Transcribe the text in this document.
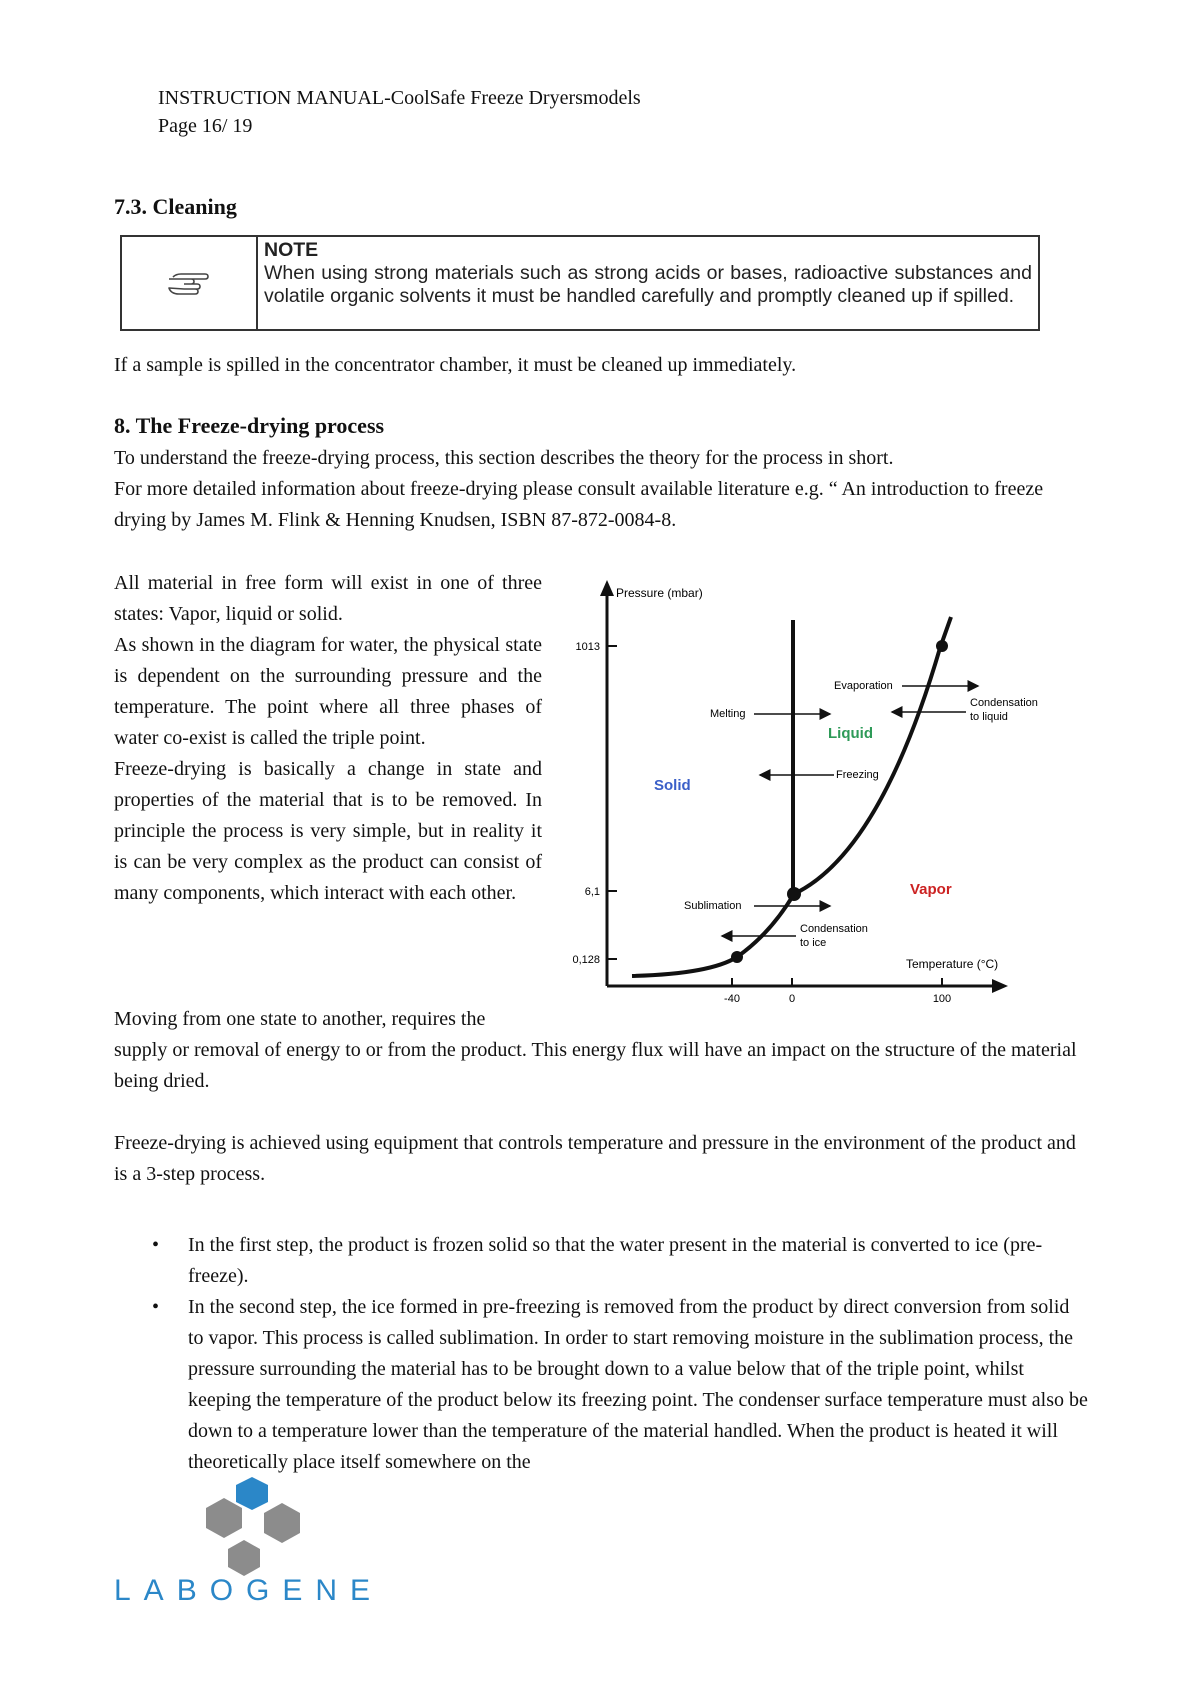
INSTRUCTION MANUAL-CoolSafe Freeze Dryersmodels
Page 16/ 19
7.3. Cleaning
NOTE
When using strong materials such as strong acids or bases, radioactive substances and volatile organic solvents it must be handled carefully and promptly cleaned up if spilled.
If a sample is spilled in the concentrator chamber, it must be cleaned up immediately.
8. The Freeze-drying process
To understand the freeze-drying process, this section describes the theory for the process in short.
For more detailed information about freeze-drying please consult available literature e.g. “ An introduction to freeze drying by James M. Flink & Henning Knudsen, ISBN 87-872-0084-8.
All material in free form will exist in one of three states: Vapor, liquid or solid.
As shown in the diagram for water, the physical state is dependent on the surrounding pressure and the temperature. The point where all three phases of water co-exist is called the triple point.
Freeze-drying is basically a change in state and properties of the material that is to be removed. In principle the process is very simple, but in reality it is can be very complex as the product can consist of many components, which interact with each other.
Pressure (mbar)
Temperature (°C)
1013
6,1
0,128
-40	0	100
Solid
Liquid
Vapor
Melting
Freezing
Evaporation
Condensation
to liquid
Sublimation
Condensation
to ice
Moving from one state to another, requires the
supply or removal of energy to or from the product. This energy flux will have an impact on the structure of the material being dried.
Freeze-drying is achieved using equipment that controls temperature and pressure in the environment of the product and is a 3-step process.
• In the first step, the product is frozen solid so that the water present in the material is converted to ice (pre-freeze).
• In the second step, the ice formed in pre-freezing is removed from the product by direct conversion from solid to vapor. This process is called sublimation. In order to start removing moisture in the sublimation process, the pressure surrounding the material has to be brought down to a value below that of the triple point, whilst keeping the temperature of the product below its freezing point. The condenser surface temperature must also be down to a temperature lower than the temperature of the material handled. When the product is heated it will theoretically place itself somewhere on the
LABOGENE
